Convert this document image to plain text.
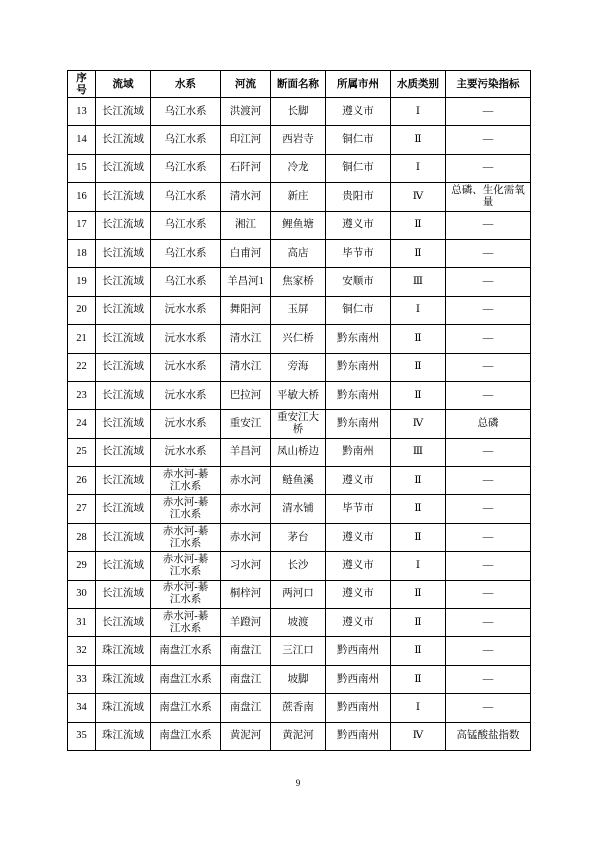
序号	流域	水系	河流	断面名称	所属市州	水质类别	主要污染指标
13	长江流域	乌江水系	洪渡河	长脚	遵义市	Ⅰ	—
14	长江流域	乌江水系	印江河	西岩寺	铜仁市	Ⅱ	—
15	长江流域	乌江水系	石阡河	冷龙	铜仁市	Ⅰ	—
16	长江流域	乌江水系	清水河	新庄	贵阳市	Ⅳ	总磷、生化需氧量
17	长江流域	乌江水系	湘江	鲤鱼塘	遵义市	Ⅱ	—
18	长江流域	乌江水系	白甫河	高店	毕节市	Ⅱ	—
19	长江流域	乌江水系	羊昌河1	焦家桥	安顺市	Ⅲ	—
20	长江流域	沅水水系	舞阳河	玉屏	铜仁市	Ⅰ	—
21	长江流域	沅水水系	清水江	兴仁桥	黔东南州	Ⅱ	—
22	长江流域	沅水水系	清水江	旁海	黔东南州	Ⅱ	—
23	长江流域	沅水水系	巴拉河	平敏大桥	黔东南州	Ⅱ	—
24	长江流域	沅水水系	重安江	重安江大桥	黔东南州	Ⅳ	总磷
25	长江流域	沅水水系	羊昌河	凤山桥边	黔南州	Ⅲ	—
26	长江流域	赤水河-綦江水系	赤水河	鲢鱼溪	遵义市	Ⅱ	—
27	长江流域	赤水河-綦江水系	赤水河	清水铺	毕节市	Ⅱ	—
28	长江流域	赤水河-綦江水系	赤水河	茅台	遵义市	Ⅱ	—
29	长江流域	赤水河-綦江水系	习水河	长沙	遵义市	Ⅰ	—
30	长江流域	赤水河-綦江水系	桐梓河	两河口	遵义市	Ⅱ	—
31	长江流域	赤水河-綦江水系	羊蹬河	坡渡	遵义市	Ⅱ	—
32	珠江流域	南盘江水系	南盘江	三江口	黔西南州	Ⅱ	—
33	珠江流域	南盘江水系	南盘江	坡脚	黔西南州	Ⅱ	—
34	珠江流域	南盘江水系	南盘江	蔗香南	黔西南州	Ⅰ	—
35	珠江流域	南盘江水系	黄泥河	黄泥河	黔西南州	Ⅳ	高锰酸盐指数
9
